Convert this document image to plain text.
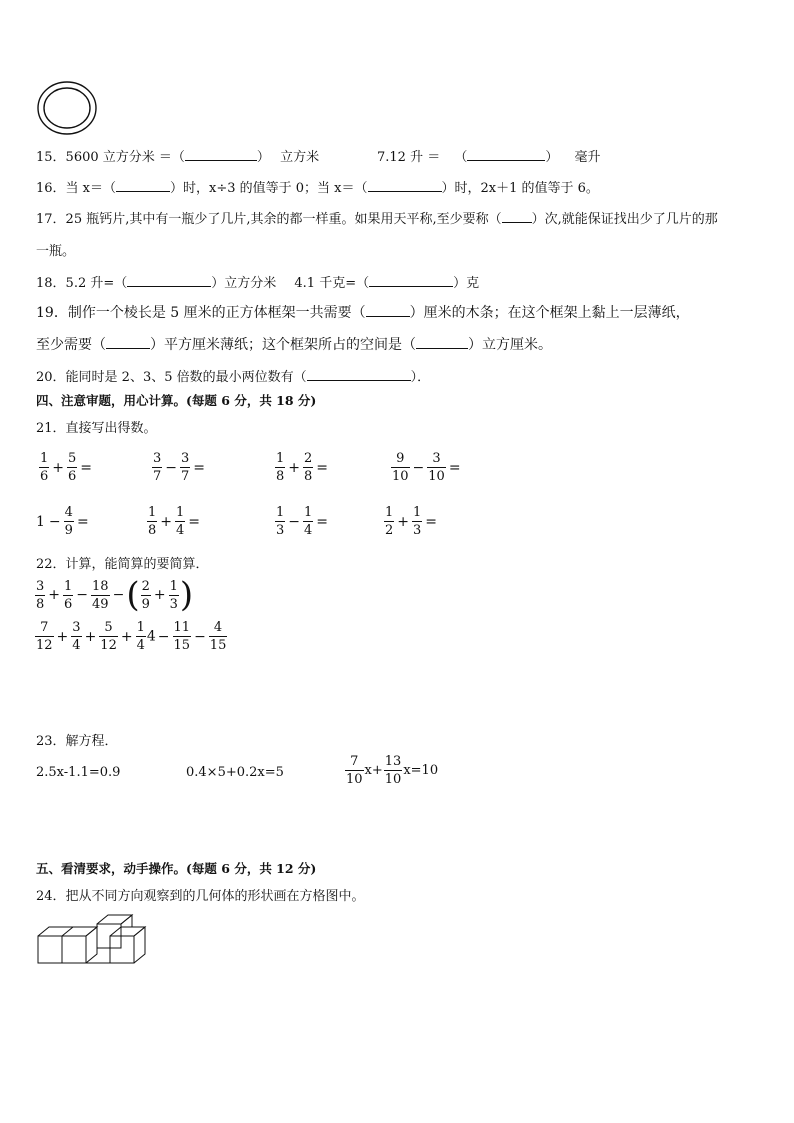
15．5600 立方分米 ＝（	） 立方米	7.12 升 ＝ （	） 毫升
16．当 x＝（	）时，x÷3 的值等于 0；当 x＝（	）时，2x＋1 的值等于 6。
17．25 瓶钙片,其中有一瓶少了几片,其余的都一样重。如果用天平称,至少要称（ ）次,就能保证找出少了几片的那
一瓶。
18．5.2 升=（	）立方分米 4.1 千克=（	）克
19．制作一个棱长是 5 厘米的正方体框架一共需要（	）厘米的木条；在这个框架上黏上一层薄纸，
至少需要（	）平方厘米薄纸；这个框架所占的空间是（	）立方厘米。
20．能同时是 2、3、5 倍数的最小两位数有（	）．
四、注意审题，用心计算。(每题 6 分，共 18 分)
21．直接写出得数。
$\frac{1}{6} + \frac{5}{6}$ =	$\frac{3}{7} - \frac{3}{7}$ =	$\frac{1}{8} + \frac{2}{8}$ =	$\frac{9}{10} - \frac{3}{10}$ =
$1 - \frac{4}{9}$ =	$\frac{1}{8} + \frac{1}{4}$ =	$\frac{1}{3} - \frac{1}{4}$ =	$\frac{1}{2} + \frac{1}{3}$ =
22．计算，能简算的要简算．
$\frac{3}{8} + \frac{1}{6} - \frac{18}{49}$ −( $\frac{2}{9} + \frac{1}{3}$ )
$\frac{7}{12} + \frac{3}{4} + \frac{5}{12} + \frac{1}{4} 4 - \frac{11}{15} - \frac{4}{15}$
23．解方程．
2.5x-1.1=0.9	0.4×5+0.2x=5	$\frac{7}{10} x+ \frac{13}{10} x=10$
五、看清要求，动手操作。(每题 6 分，共 12 分)
24．把从不同方向观察到的几何体的形状画在方格图中。
